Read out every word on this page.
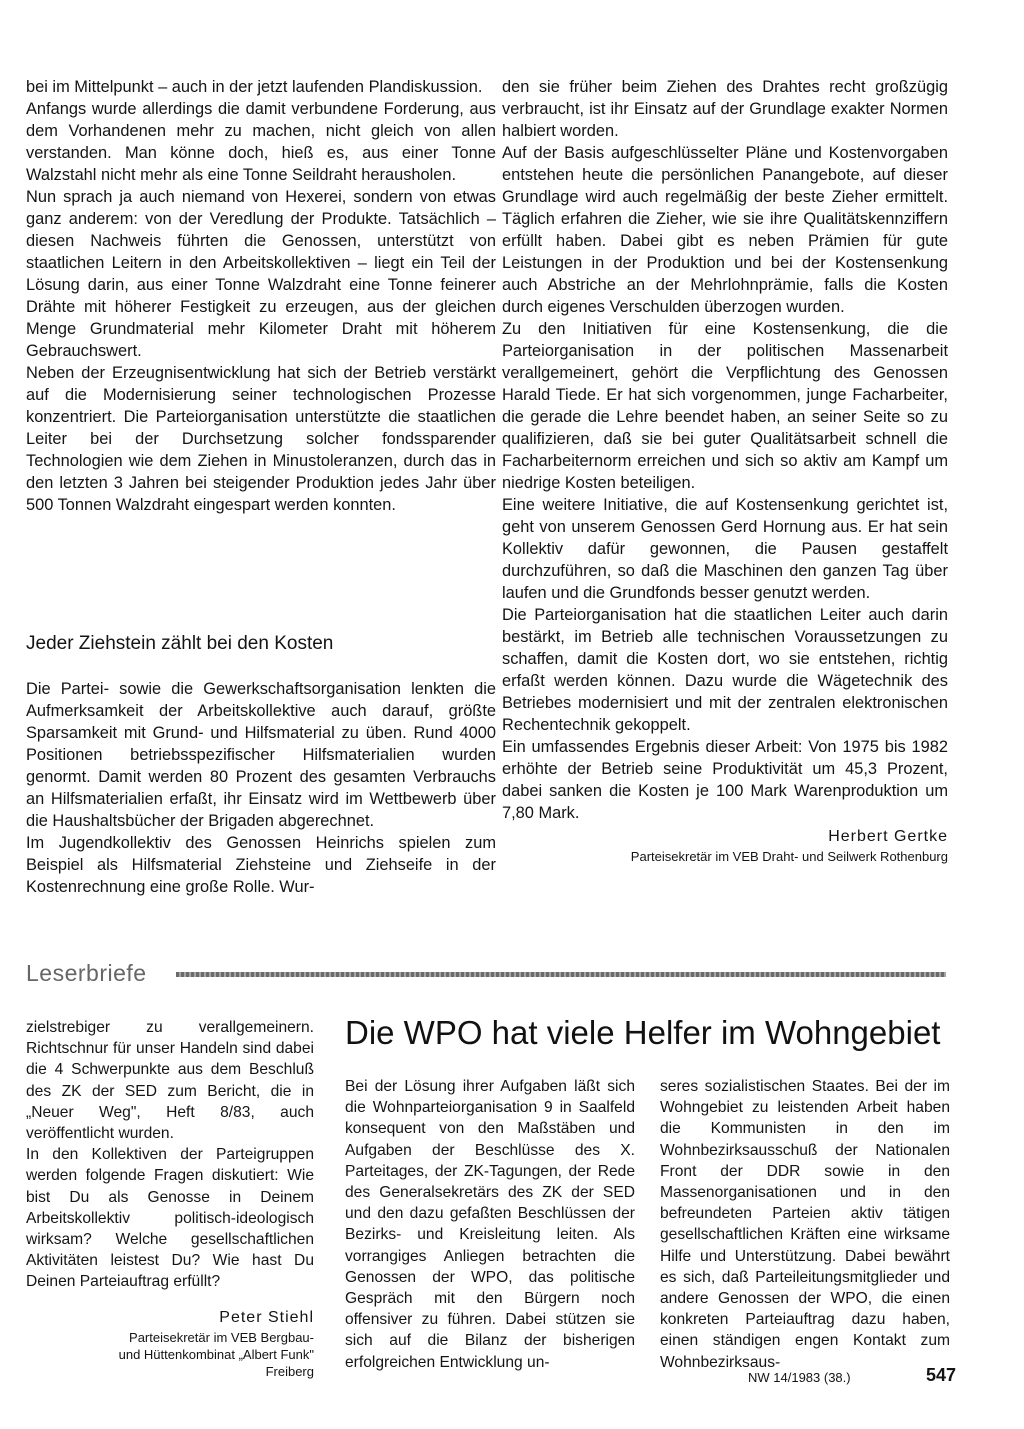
bei im Mittelpunkt – auch in der jetzt laufenden Plandiskussion.

Anfangs wurde allerdings die damit verbundene Forderung, aus dem Vorhandenen mehr zu machen, nicht gleich von allen verstanden. Man könne doch, hieß es, aus einer Tonne Walzstahl nicht mehr als eine Tonne Seildraht herausholen.

Nun sprach ja auch niemand von Hexerei, sondern von etwas ganz anderem: von der Veredlung der Produkte. Tatsächlich – diesen Nachweis führten die Genossen, unterstützt von staatlichen Leitern in den Arbeitskollektiven – liegt ein Teil der Lösung darin, aus einer Tonne Walzdraht eine Tonne feinerer Drähte mit höherer Festigkeit zu erzeugen, aus der gleichen Menge Grundmaterial mehr Kilometer Draht mit höherem Gebrauchswert.

Neben der Erzeugnisentwicklung hat sich der Betrieb verstärkt auf die Modernisierung seiner technologischen Prozesse konzentriert. Die Parteiorganisation unterstützte die staatlichen Leiter bei der Durchsetzung solcher fondssparender Technologien wie dem Ziehen in Minustoleranzen, durch das in den letzten 3 Jahren bei steigender Produktion jedes Jahr über 500 Tonnen Walzdraht eingespart werden konnten.

Jeder Ziehstein zählt bei den Kosten

Die Partei- sowie die Gewerkschaftsorganisation lenkten die Aufmerksamkeit der Arbeitskollektive auch darauf, größte Sparsamkeit mit Grund- und Hilfsmaterial zu üben. Rund 4000 Positionen betriebsspezifischer Hilfsmaterialien wurden genormt. Damit werden 80 Prozent des gesamten Verbrauchs an Hilfsmaterialien erfaßt, ihr Einsatz wird im Wettbewerb über die Haushaltsbücher der Brigaden abgerechnet.

Im Jugendkollektiv des Genossen Heinrichs spielen zum Beispiel als Hilfsmaterial Ziehsteine und Ziehseife in der Kostenrechnung eine große Rolle. Wur-

den sie früher beim Ziehen des Drahtes recht großzügig verbraucht, ist ihr Einsatz auf der Grundlage exakter Normen halbiert worden.

Auf der Basis aufgeschlüsselter Pläne und Kostenvorgaben entstehen heute die persönlichen Panangebote, auf dieser Grundlage wird auch regelmäßig der beste Zieher ermittelt. Täglich erfahren die Zieher, wie sie ihre Qualitätskennziffern erfüllt haben. Dabei gibt es neben Prämien für gute Leistungen in der Produktion und bei der Kostensenkung auch Abstriche an der Mehrlohnprämie, falls die Kosten durch eigenes Verschulden überzogen wurden.

Zu den Initiativen für eine Kostensenkung, die die Parteiorganisation in der politischen Massenarbeit verallgemeinert, gehört die Verpflichtung des Genossen Harald Tiede. Er hat sich vorgenommen, junge Facharbeiter, die gerade die Lehre beendet haben, an seiner Seite so zu qualifizieren, daß sie bei guter Qualitätsarbeit schnell die Facharbeiternorm erreichen und sich so aktiv am Kampf um niedrige Kosten beteiligen.

Eine weitere Initiative, die auf Kostensenkung gerichtet ist, geht von unserem Genossen Gerd Hornung aus. Er hat sein Kollektiv dafür gewonnen, die Pausen gestaffelt durchzuführen, so daß die Maschinen den ganzen Tag über laufen und die Grundfonds besser genutzt werden.

Die Parteiorganisation hat die staatlichen Leiter auch darin bestärkt, im Betrieb alle technischen Voraussetzungen zu schaffen, damit die Kosten dort, wo sie entstehen, richtig erfaßt werden können. Dazu wurde die Wägetechnik des Betriebes modernisiert und mit der zentralen elektronischen Rechentechnik gekoppelt.

Ein umfassendes Ergebnis dieser Arbeit: Von 1975 bis 1982 erhöhte der Betrieb seine Produktivität um 45,3 Prozent, dabei sanken die Kosten je 100 Mark Warenproduktion um 7,80 Mark.

Herbert Gertke

Parteisekretär im VEB Draht- und Seilwerk Rothenburg

Leserbriefe

zielstrebiger zu verallgemeinern. Richtschnur für unser Handeln sind dabei die 4 Schwerpunkte aus dem Beschluß des ZK der SED zum Bericht, die in „Neuer Weg", Heft 8/83, auch veröffentlicht wurden.

In den Kollektiven der Parteigruppen werden folgende Fragen diskutiert: Wie bist Du als Genosse in Deinem Arbeitskollektiv politisch-ideologisch wirksam? Welche gesellschaftlichen Aktivitäten leistest Du? Wie hast Du Deinen Parteiauftrag erfüllt?

Peter Stiehl

Parteisekretär im VEB Bergbau- und Hüttenkombinat „Albert Funk" Freiberg

Die WPO hat viele Helfer im Wohngebiet

Bei der Lösung ihrer Aufgaben läßt sich die Wohnparteiorganisation 9 in Saalfeld konsequent von den Maßstäben und Aufgaben der Beschlüsse des X. Parteitages, der ZK-Tagungen, der Rede des Generalsekretärs des ZK der SED und den dazu gefaßten Beschlüssen der Bezirks- und Kreisleitung leiten. Als vorrangiges Anliegen betrachten die Genossen der WPO, das politische Gespräch mit den Bürgern noch offensiver zu führen. Dabei stützen sie sich auf die Bilanz der bisherigen erfolgreichen Entwicklung un-

seres sozialistischen Staates. Bei der im Wohngebiet zu leistenden Arbeit haben die Kommunisten in den im Wohnbezirksausschuß der Nationalen Front der DDR sowie in den Massenorganisationen und in den befreundeten Parteien aktiv tätigen gesellschaftlichen Kräften eine wirksame Hilfe und Unterstützung. Dabei bewährt es sich, daß Parteileitungsmitglieder und andere Genossen der WPO, die einen konkreten Parteiauftrag dazu haben, einen ständigen engen Kontakt zum Wohnbezirksaus-

NW 14/1983 (38.)	547
